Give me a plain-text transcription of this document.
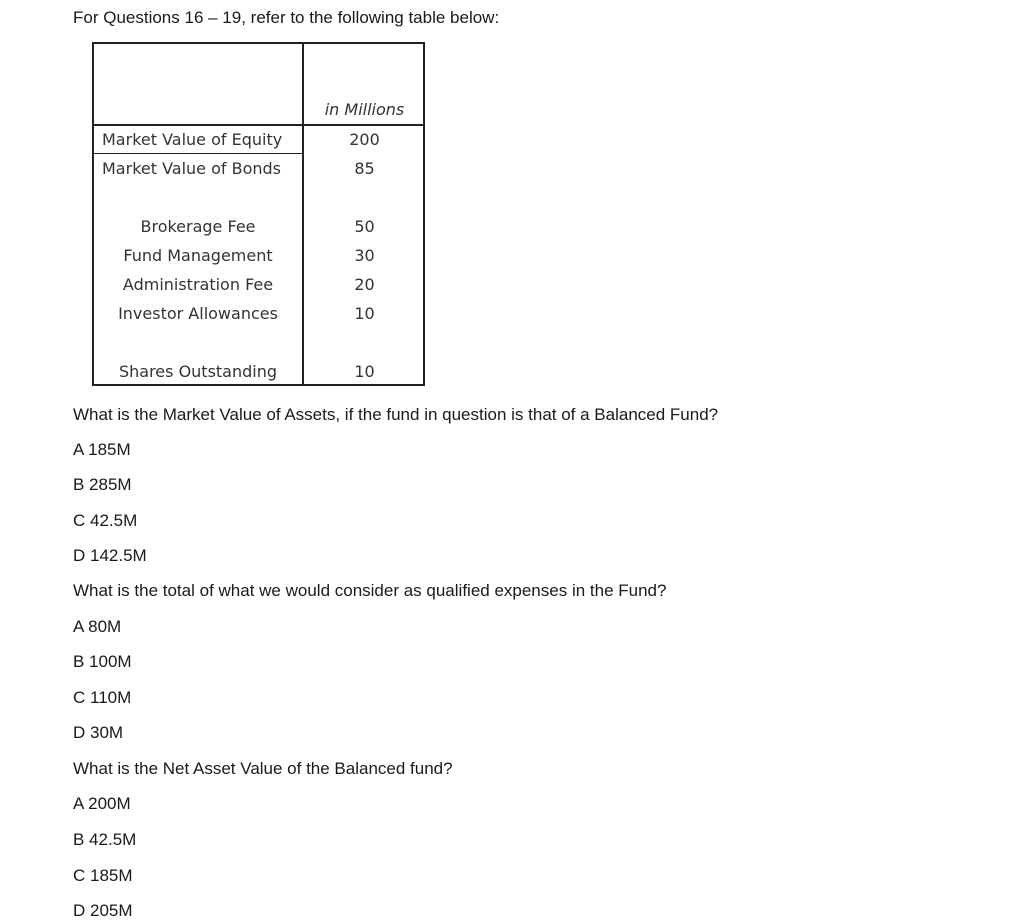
For Questions 16 – 19, refer to the following table below:
in Millions
Market Value of Equity	200
Market Value of Bonds	85
Brokerage Fee	50
Fund Management	30
Administration Fee	20
Investor Allowances	10
Shares Outstanding	10
What is the Market Value of Assets, if the fund in question is that of a Balanced Fund?
A 185M
B 285M
C 42.5M
D 142.5M
What is the total of what we would consider as qualified expenses in the Fund?
A 80M
B 100M
C 110M
D 30M
What is the Net Asset Value of the Balanced fund?
A 200M
B 42.5M
C 185M
D 205M
